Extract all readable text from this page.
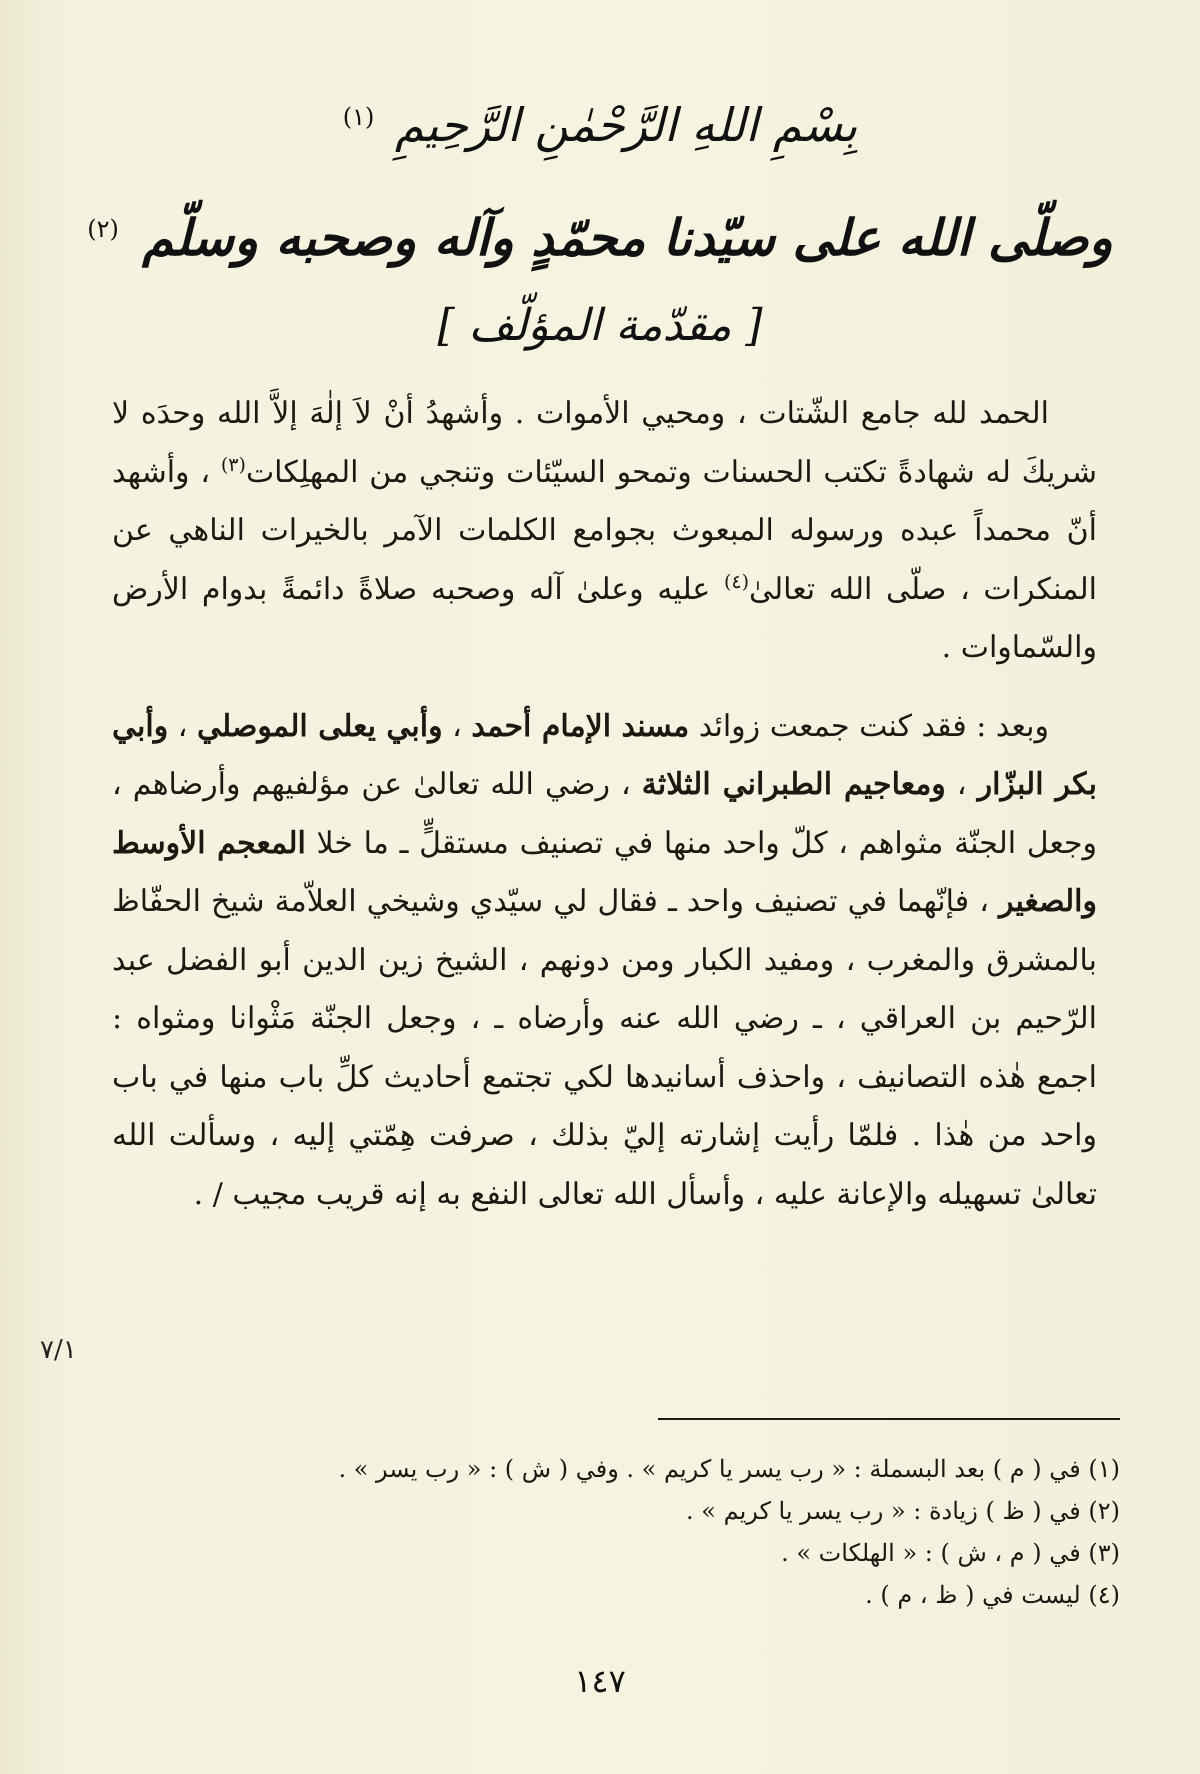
بِسْمِ اللهِ الرَّحْمٰنِ الرَّحِيمِ $^{(١)}$
وصلّى الله على سيّدنا محمّدٍ وآله وصحبه وسلّم $^{(٢)}$
[ مقدّمة المؤلّف ]

الحمد لله جامع الشّتات ، ومحيي الأموات . وأشهدُ أنْ لاَ إلٰهَ إلاَّ الله وحدَه لا شريكَ له شهادةً تكتب الحسنات وتمحو السيّئات وتنجي من المهلِكات$^{(٣)}$ ، وأشهد أنّ محمداً عبده ورسوله المبعوث بجوامع الكلمات الآمر بالخيرات الناهي عن المنكرات ، صلّى الله تعالىٰ$^{(٤)}$ عليه وعلىٰ آله وصحبه صلاةً دائمةً بدوام الأرض والسّماوات .

وبعد : فقد كنت جمعت زوائد مسند الإمام أحمد ، وأبي يعلى الموصلي ، وأبي بكر البزّار ، ومعاجيم الطبراني الثلاثة ، رضي الله تعالىٰ عن مؤلفيهم وأرضاهم ، وجعل الجنّة مثواهم ، كلّ واحد منها في تصنيف مستقلٍّ ـ ما خلا المعجم الأوسط والصغير ، فإنّهما في تصنيف واحد ـ فقال لي سيّدي وشيخي العلاّمة شيخ الحفّاظ بالمشرق والمغرب ، ومفيد الكبار ومن دونهم ، الشيخ زين الدين أبو الفضل عبد الرّحيم بن العراقي ، ـ رضي الله عنه وأرضاه ـ ، وجعل الجنّة مَثْوانا ومثواه : اجمع هٰذه التصانيف ، واحذف أسانيدها لكي تجتمع أحاديث كلِّ باب منها في باب واحد من هٰذا . فلمّا رأيت إشارته إليّ بذلك ، صرفت هِمّتي إليه ، وسألت الله تعالىٰ تسهيله والإعانة عليه ، وأسأل الله تعالى النفع به إنه قريب مجيب / .

٧/١
(١) في ( م ) بعد البسملة : « رب يسر يا كريم » . وفي ( ش ) : « رب يسر » .
(٢) في ( ظ ) زيادة : « رب يسر يا كريم » .
(٣) في ( م ، ش ) : « الهلكات » .
(٤) ليست في ( ظ ، م ) .
١٤٧
